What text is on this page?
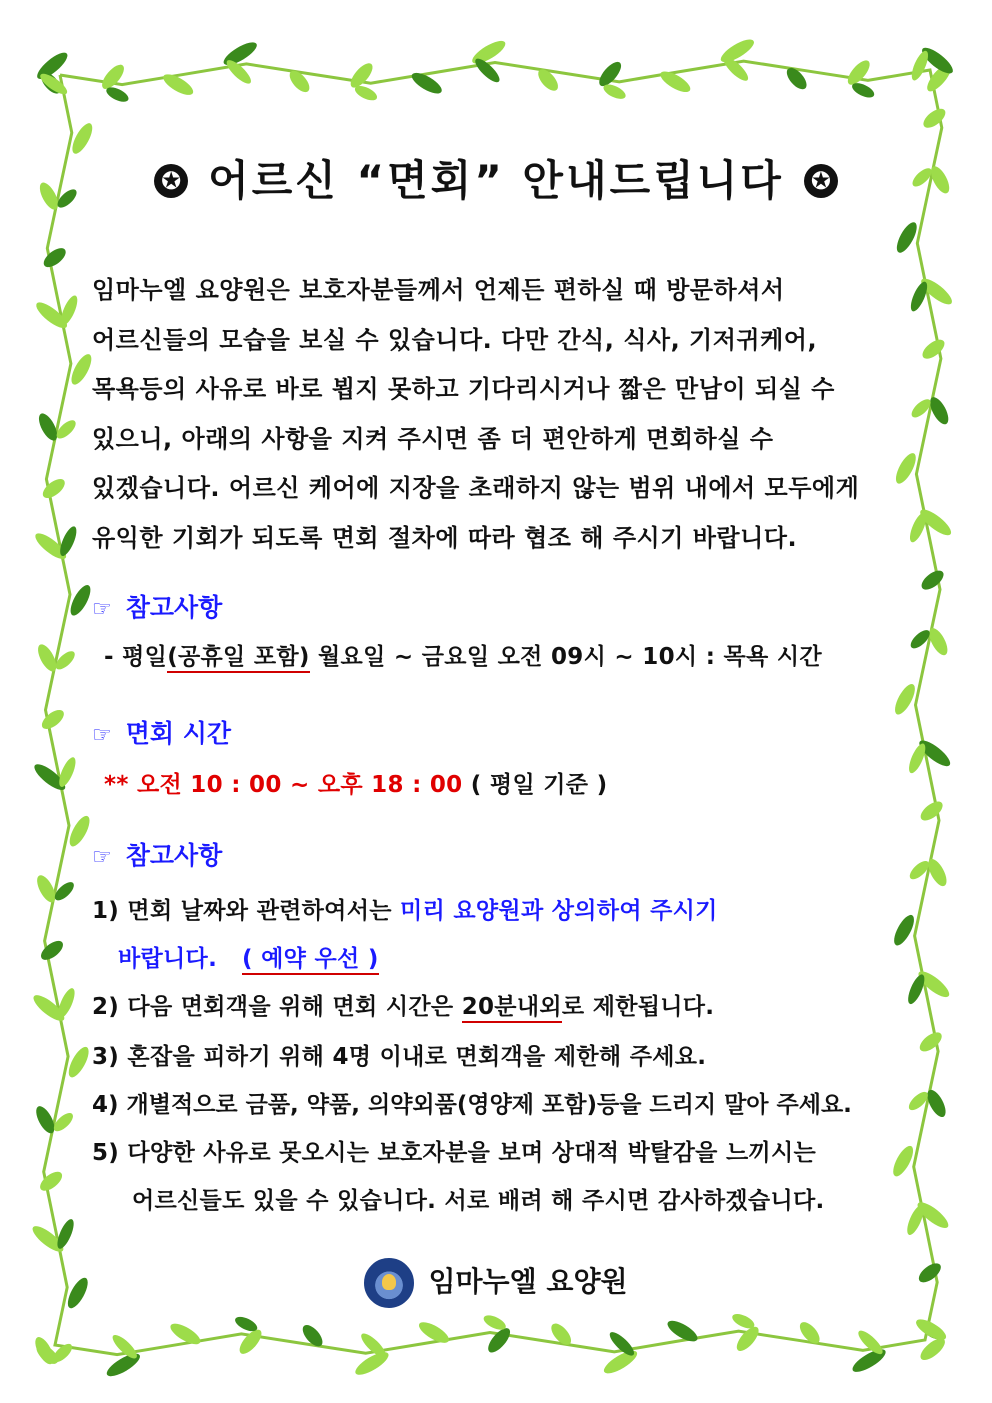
✪ 어르신 “면회” 안내드립니다 ✪

임마누엘 요양원은 보호자분들께서 언제든 편하실 때 방문하셔서

어르신들의 모습을 보실 수 있습니다. 다만 간식, 식사, 기저귀케어,

목욕등의 사유로 바로 뵙지 못하고 기다리시거나 짧은 만남이 되실 수

있으니, 아래의 사항을 지켜 주시면 좀 더 편안하게 면회하실 수

있겠습니다. 어르신 케어에 지장을 초래하지 않는 범위 내에서 모두에게

유익한 기회가 되도록 면회 절차에 따라 협조 해 주시기 바랍니다.

☞ 참고사항
- 평일(공휴일 포함) 월요일 ~ 금요일 오전 09시 ~ 10시 : 목욕 시간
☞ 면회 시간
** 오전 10 : 00 ~ 오후 18 : 00 ( 평일 기준 )
☞ 참고사항
1) 면회 날짜와 관련하여서는 미리 요양원과 상의하여 주시기
바랍니다. ( 예약 우선 )
2) 다음 면회객을 위해 면회 시간은 20분내외로 제한됩니다.
3) 혼잡을 피하기 위해 4명 이내로 면회객을 제한해 주세요.
4) 개별적으로 금품, 약품, 의약외품(영양제 포함)등을 드리지 말아 주세요.
5) 다양한 사유로 못오시는 보호자분을 보며 상대적 박탈감을 느끼시는
어르신들도 있을 수 있습니다. 서로 배려 해 주시면 감사하겠습니다.
임마누엘 요양원
